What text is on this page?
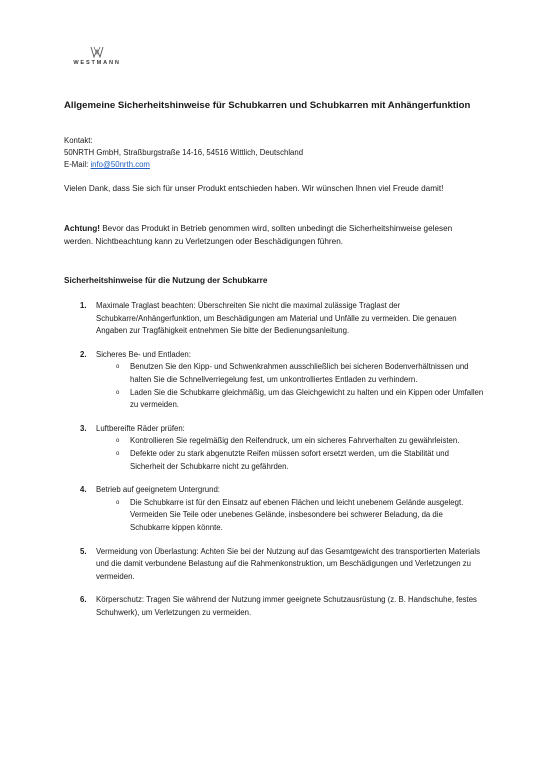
WESTMANN
Allgemeine Sicherheitshinweise für Schubkarren und Schubkarren mit Anhängerfunktion
Kontakt:
50NRTH GmbH, Straßburgstraße 14-16, 54516 Wittlich, Deutschland
E-Mail: info@50nrth.com
Vielen Dank, dass Sie sich für unser Produkt entschieden haben. Wir wünschen Ihnen viel Freude damit!
Achtung! Bevor das Produkt in Betrieb genommen wird, sollten unbedingt die Sicherheitshinweise gelesen werden. Nichtbeachtung kann zu Verletzungen oder Beschädigungen führen.
Sicherheitshinweise für die Nutzung der Schubkarre
1. Maximale Traglast beachten: Überschreiten Sie nicht die maximal zulässige Traglast der Schubkarre/Anhängerfunktion, um Beschädigungen am Material und Unfälle zu vermeiden. Die genauen Angaben zur Tragfähigkeit entnehmen Sie bitte der Bedienungsanleitung.
2. Sicheres Be- und Entladen:
o Benutzen Sie den Kipp- und Schwenkrahmen ausschließlich bei sicheren Bodenverhältnissen und halten Sie die Schnellverriegelung fest, um unkontrolliertes Entladen zu verhindern.
o Laden Sie die Schubkarre gleichmäßig, um das Gleichgewicht zu halten und ein Kippen oder Umfallen zu vermeiden.
3. Luftbereifte Räder prüfen:
o Kontrollieren Sie regelmäßig den Reifendruck, um ein sicheres Fahrverhalten zu gewährleisten.
o Defekte oder zu stark abgenutzte Reifen müssen sofort ersetzt werden, um die Stabilität und Sicherheit der Schubkarre nicht zu gefährden.
4. Betrieb auf geeignetem Untergrund:
o Die Schubkarre ist für den Einsatz auf ebenen Flächen und leicht unebenem Gelände ausgelegt. Vermeiden Sie Teile oder unebenes Gelände, insbesondere bei schwerer Beladung, da die Schubkarre kippen könnte.
5. Vermeidung von Überlastung: Achten Sie bei der Nutzung auf das Gesamtgewicht des transportierten Materials und die damit verbundene Belastung auf die Rahmenkonstruktion, um Beschädigungen und Verletzungen zu vermeiden.
6. Körperschutz: Tragen Sie während der Nutzung immer geeignete Schutzausrüstung (z. B. Handschuhe, festes Schuhwerk), um Verletzungen zu vermeiden.
